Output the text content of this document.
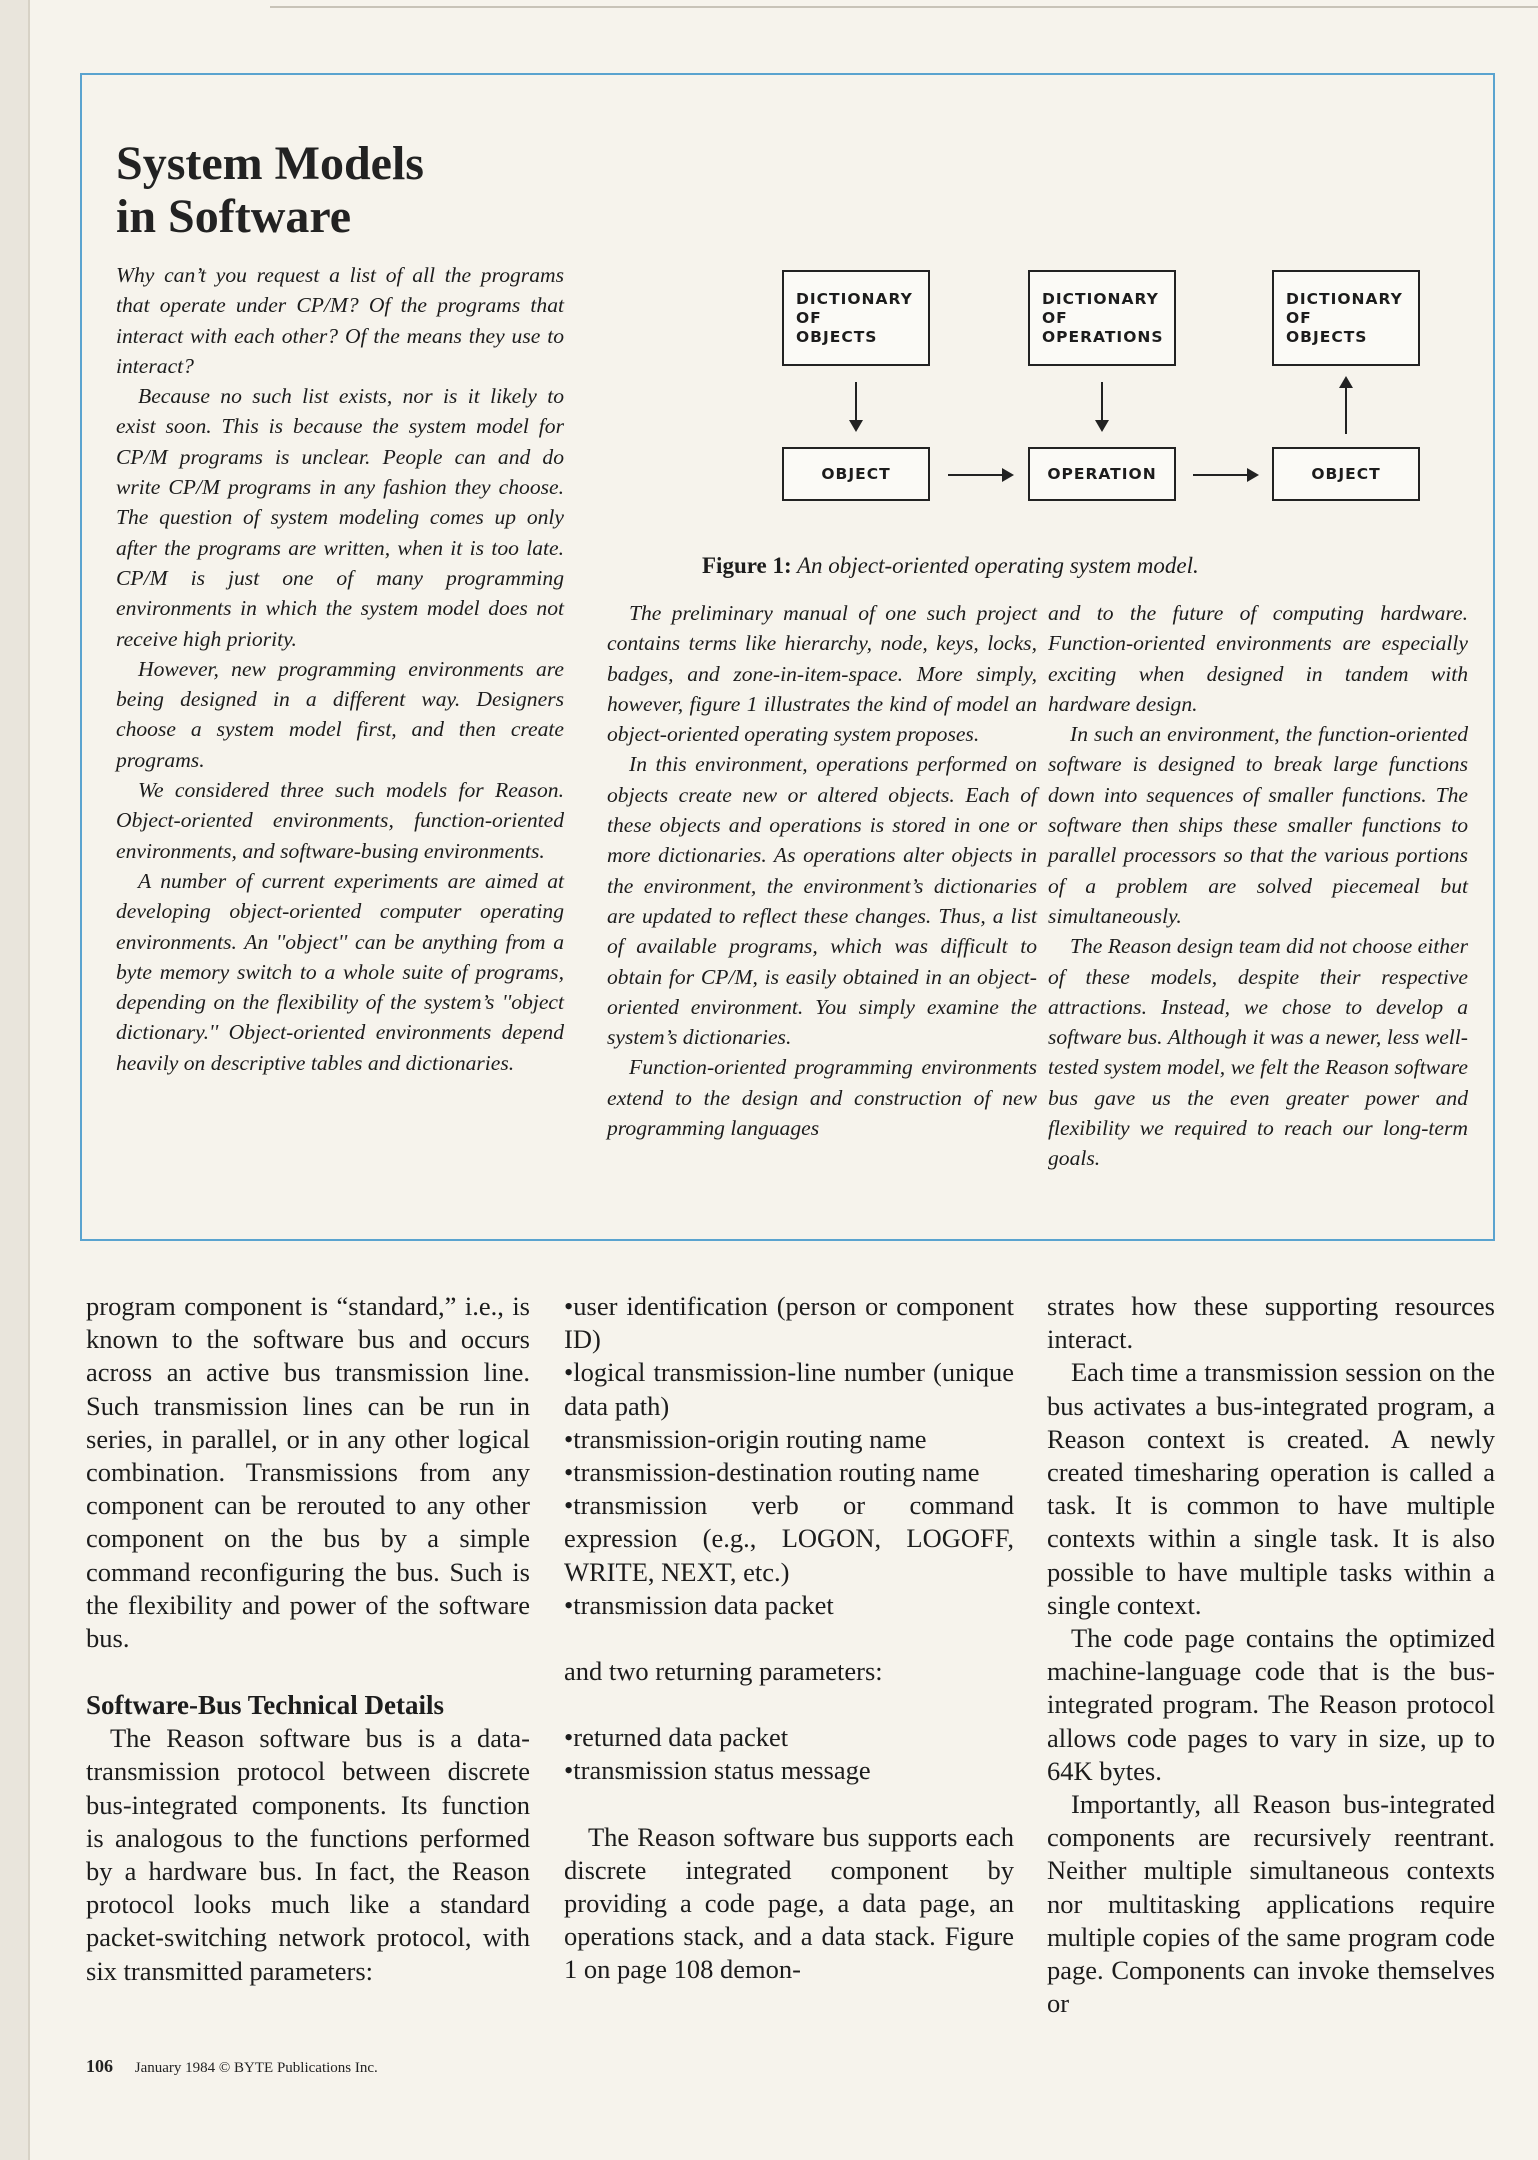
System Models
in Software

Why can’t you request a list of all the programs that operate under CP/M? Of the programs that interact with each other? Of the means they use to interact?

Because no such list exists, nor is it likely to exist soon. This is because the system model for CP/M programs is unclear. People can and do write CP/M programs in any fashion they choose. The question of system modeling comes up only after the programs are written, when it is too late. CP/M is just one of many programming environments in which the system model does not receive high priority.

However, new programming environments are being designed in a different way. Designers choose a system model first, and then create programs.

We considered three such models for Reason. Object-oriented environments, function-oriented environments, and software-busing environments.

A number of current experiments are aimed at developing object-oriented computer operating environments. An ''object'' can be anything from a byte memory switch to a whole suite of programs, depending on the flexibility of the system’s ''object dictionary.'' Object-oriented environments depend heavily on descriptive tables and dictionaries.

The preliminary manual of one such project contains terms like hierarchy, node, keys, locks, badges, and zone-in-item-space. More simply, however, figure 1 illustrates the kind of model an object-oriented operating system proposes.

In this environment, operations performed on objects create new or altered objects. Each of these objects and operations is stored in one or more dictionaries. As operations alter objects in the environment, the environment’s dictionaries are updated to reflect these changes. Thus, a list of available programs, which was difficult to obtain for CP/M, is easily obtained in an object-oriented environment. You simply examine the system’s dictionaries.

Function-oriented programming environments extend to the design and construction of new programming languages

and to the future of computing hardware. Function-oriented environments are especially exciting when designed in tandem with hardware design.

In such an environment, the function-oriented software is designed to break large functions down into sequences of smaller functions. The software then ships these smaller functions to parallel processors so that the various portions of a problem are solved piecemeal but simultaneously.

The Reason design team did not choose either of these models, despite their respective attractions. Instead, we chose to develop a software bus. Although it was a newer, less well-tested system model, we felt the Reason software bus gave us the even greater power and flexibility we required to reach our long-term goals.

DICTIONARY
OF
OBJECTS
DICTIONARY
OF
OPERATIONS
DICTIONARY
OF
OBJECTS
OBJECT	OPERATION	OBJECT
Figure 1: An object-oriented operating system model.

program component is “standard,” i.e., is known to the software bus and occurs across an active bus transmission line. Such transmission lines can be run in series, in parallel, or in any other logical combination. Transmissions from any component can be rerouted to any other component on the bus by a simple command reconfiguring the bus. Such is the flexibility and power of the software bus.

Software-Bus Technical Details

The Reason software bus is a data-transmission protocol between discrete bus-integrated components. Its function is analogous to the functions performed by a hardware bus. In fact, the Reason protocol looks much like a standard packet-switching network protocol, with six transmitted parameters:

• user identification (person or component ID)

• logical transmission-line number (unique data path)

• transmission-origin routing name

• transmission-destination routing name

• transmission verb or command expression (e.g., LOGON, LOGOFF, WRITE, NEXT, etc.)

• transmission data packet

and two returning parameters:

• returned data packet

• transmission status message

The Reason software bus supports each discrete integrated component by providing a code page, a data page, an operations stack, and a data stack. Figure 1 on page 108 demon-

strates how these supporting resources interact.

Each time a transmission session on the bus activates a bus-integrated program, a Reason context is created. A newly created timesharing operation is called a task. It is common to have multiple contexts within a single task. It is also possible to have multiple tasks within a single context.

The code page contains the optimized machine-language code that is the bus-integrated program. The Reason protocol allows code pages to vary in size, up to 64K bytes.

Importantly, all Reason bus-integrated components are recursively reentrant. Neither multiple simultaneous contexts nor multitasking applications require multiple copies of the same program code page. Components can invoke themselves or

106 January 1984 © BYTE Publications Inc.
